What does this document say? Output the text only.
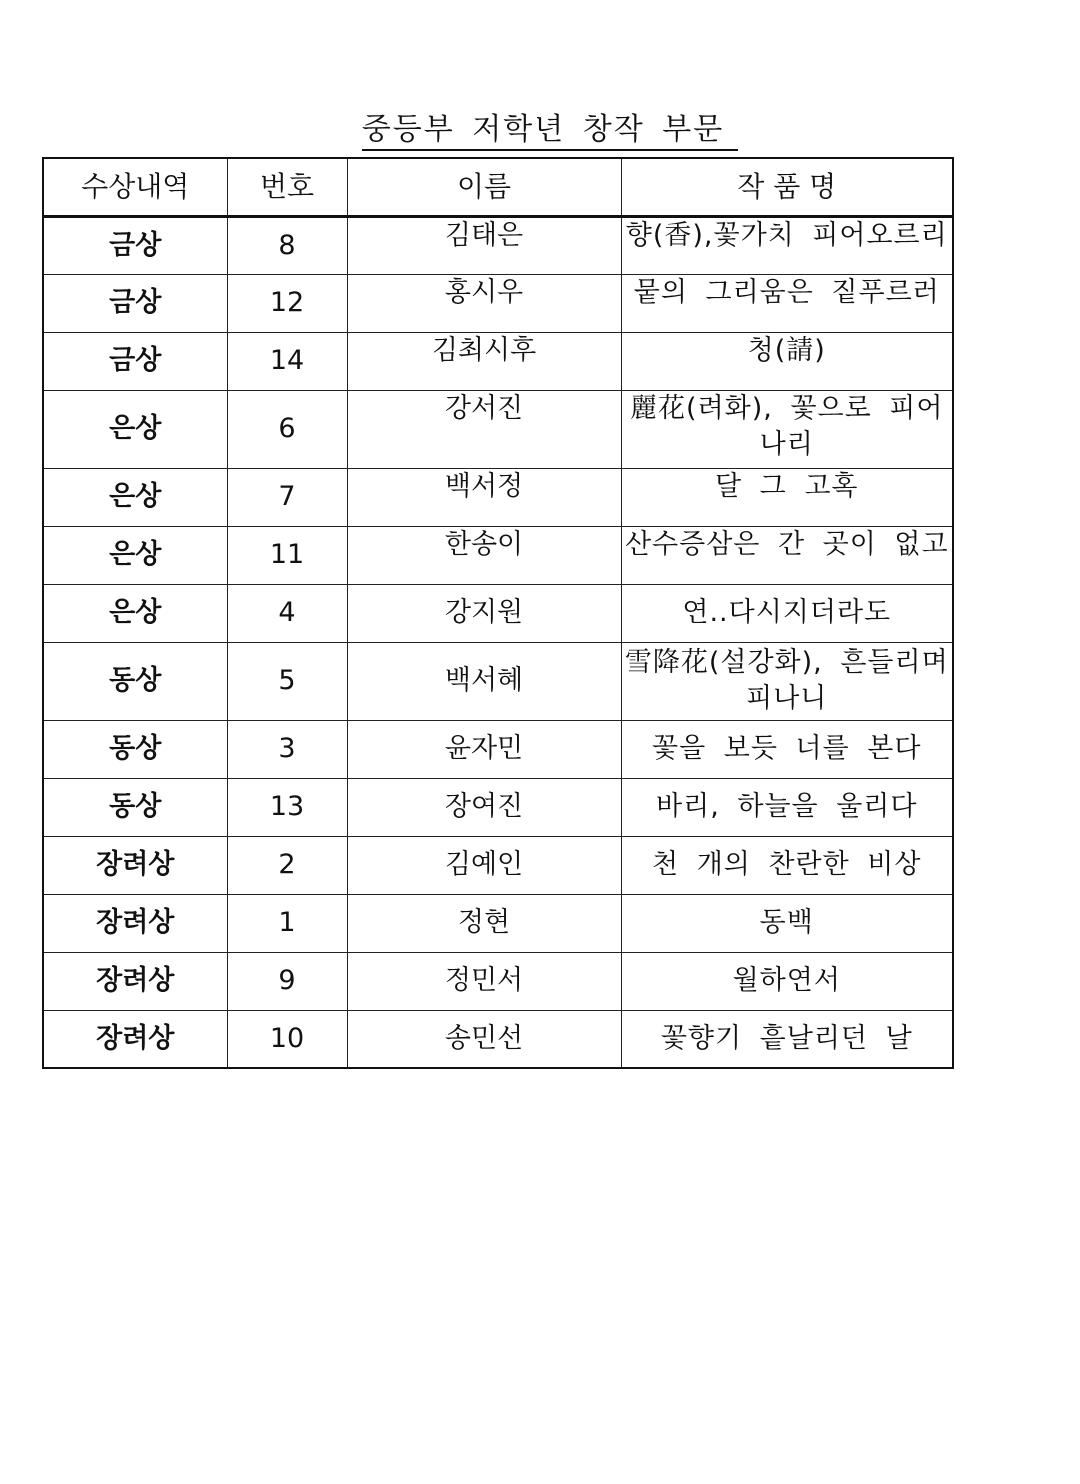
중등부 저학년 창작 부문
수상내역	번호	이름	작 품 명
금상	8	김태은	향(香),꽃가치 피어오르리
금상	12	홍시우	뭍의 그리움은 짙푸르러
금상	14	김최시후	청(請)
은상	6	강서진	麗花(려화), 꽃으로 피어나리
은상	7	백서정	달 그 고혹
은상	11	한송이	산수증삼은 간 곳이 없고
은상	4	강지원	연..다시지더라도
동상	5	백서혜	雪降花(설강화), 흔들리며 피나니
동상	3	윤자민	꽃을 보듯 너를 본다
동상	13	장여진	바리, 하늘을 울리다
장려상	2	김예인	천 개의 찬란한 비상
장려상	1	정현	동백
장려상	9	정민서	월하연서
장려상	10	송민선	꽃향기 흩날리던 날
